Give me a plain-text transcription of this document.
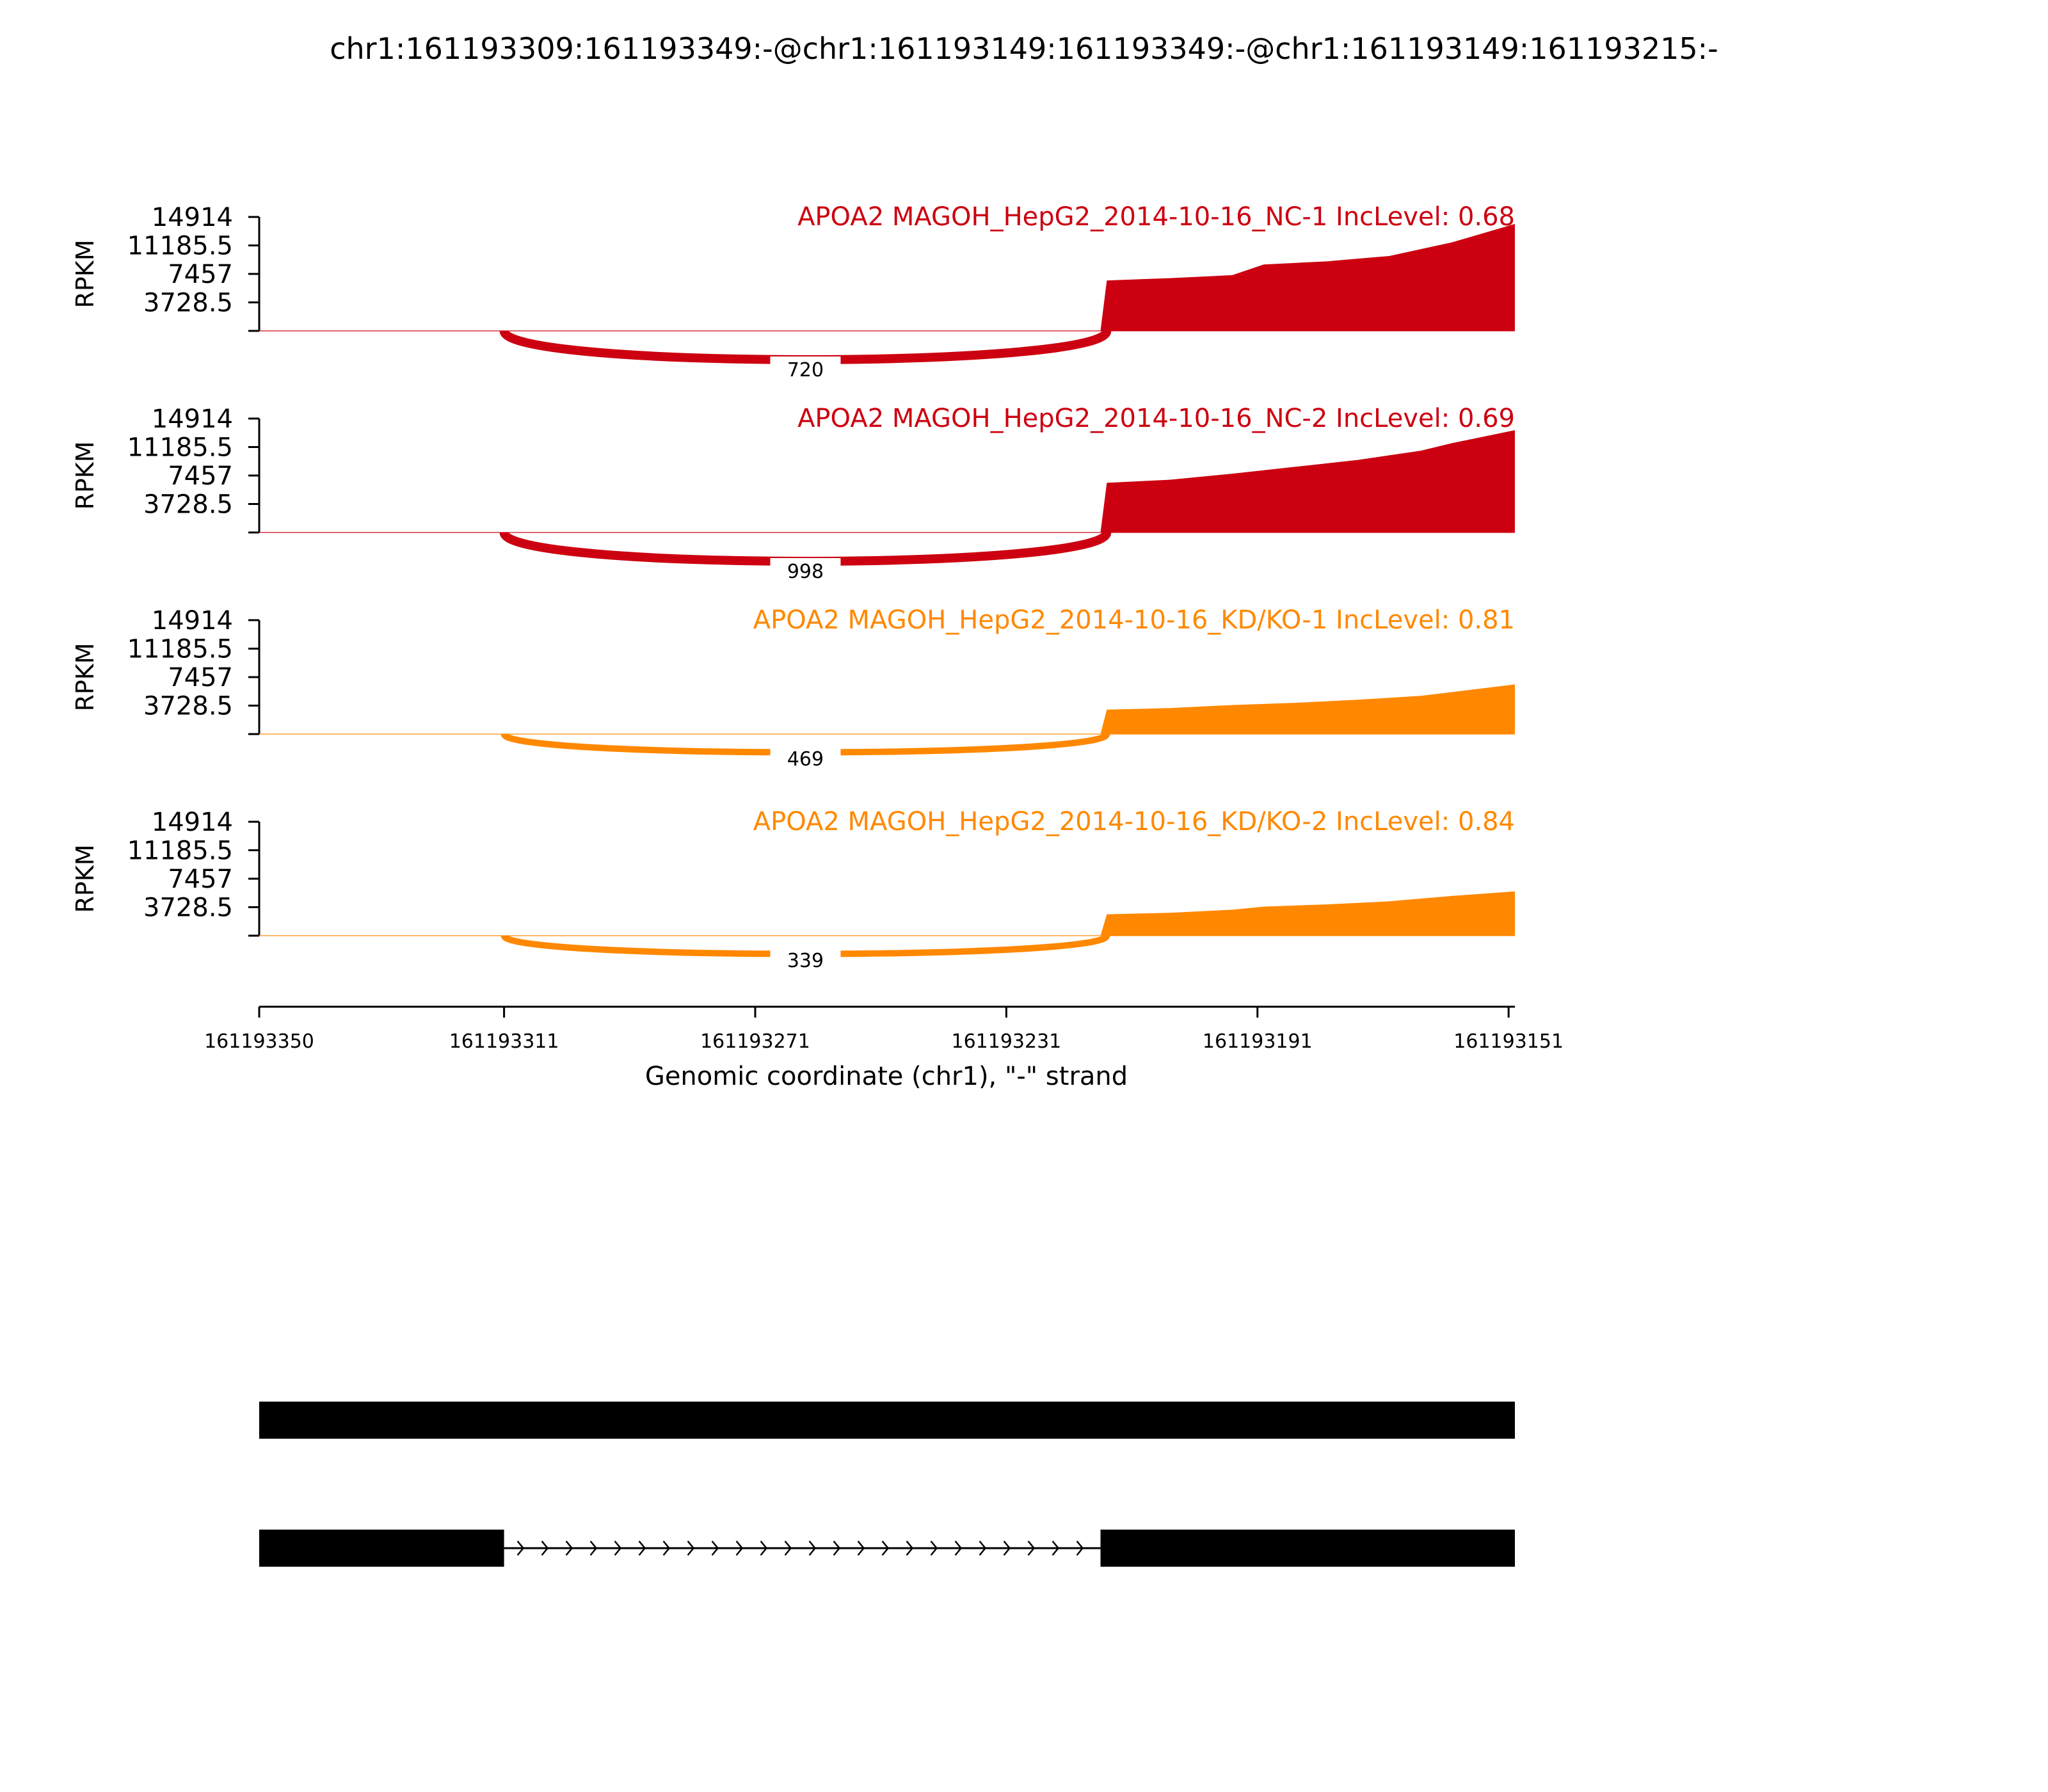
chr1:161193309:161193349:-@chr1:161193149:161193349:-@chr1:161193149:161193215:-
14914
11185.5
7457
3728.5
RPKM
720
APOA2 MAGOH_HepG2_2014-10-16_NC-1 IncLevel: 0.68
14914
11185.5
7457
3728.5
RPKM
998
APOA2 MAGOH_HepG2_2014-10-16_NC-2 IncLevel: 0.69
14914
11185.5
7457
3728.5
RPKM
469
APOA2 MAGOH_HepG2_2014-10-16_KD/KO-1 IncLevel: 0.81
14914
11185.5
7457
3728.5
RPKM
339
APOA2 MAGOH_HepG2_2014-10-16_KD/KO-2 IncLevel: 0.84
161193350	161193311	161193271	161193231	161193191	161193151
Genomic coordinate (chr1), "-" strand
